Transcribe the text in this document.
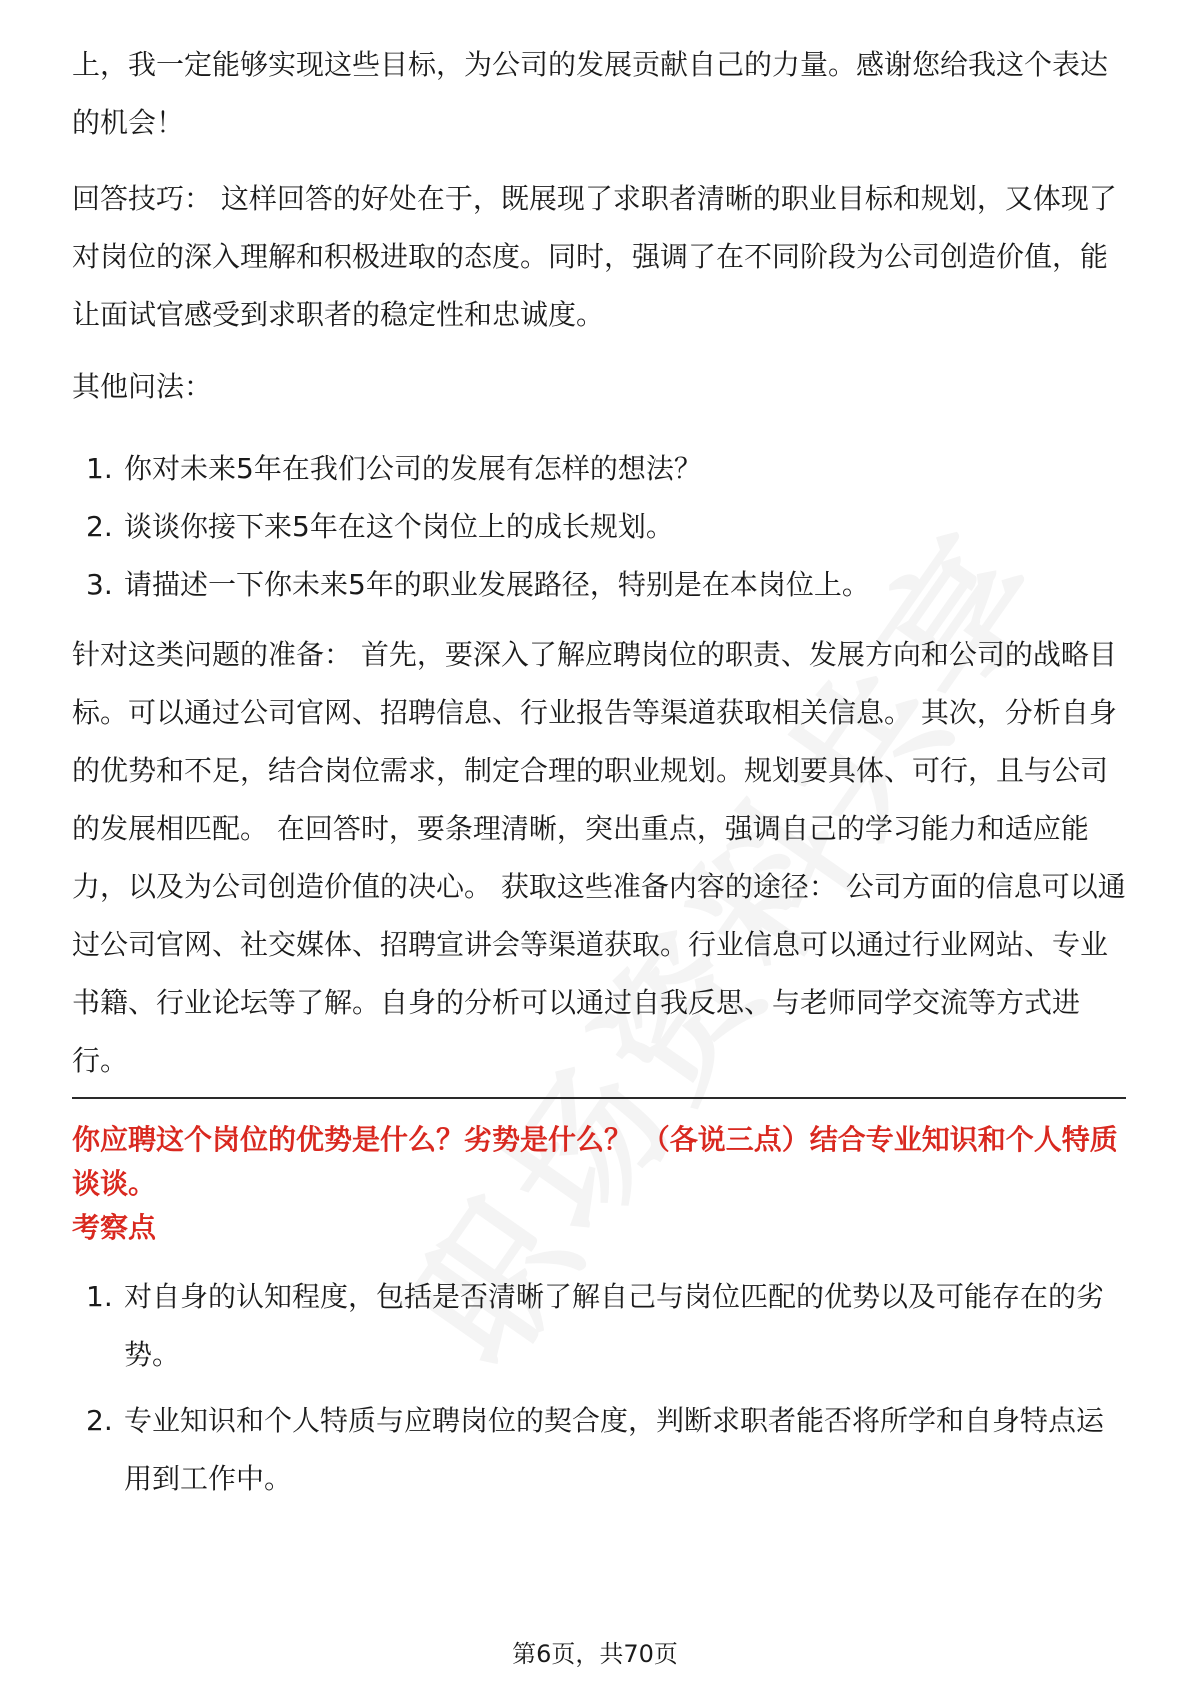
上，我一定能够实现这些目标，为公司的发展贡献自己的力量。感谢您给我这个表达的机会！

回答技巧： 这样回答的好处在于，既展现了求职者清晰的职业目标和规划，又体现了对岗位的深入理解和积极进取的态度。同时，强调了在不同阶段为公司创造价值，能让面试官感受到求职者的稳定性和忠诚度。

其他问法：

1. 你对未来5年在我们公司的发展有怎样的想法？
2. 谈谈你接下来5年在这个岗位上的成长规划。
3. 请描述一下你未来5年的职业发展路径，特别是在本岗位上。

针对这类问题的准备： 首先，要深入了解应聘岗位的职责、发展方向和公司的战略目标。可以通过公司官网、招聘信息、行业报告等渠道获取相关信息。 其次，分析自身的优势和不足，结合岗位需求，制定合理的职业规划。规划要具体、可行，且与公司的发展相匹配。 在回答时，要条理清晰，突出重点，强调自己的学习能力和适应能力，以及为公司创造价值的决心。 获取这些准备内容的途径： 公司方面的信息可以通过公司官网、社交媒体、招聘宣讲会等渠道获取。行业信息可以通过行业网站、专业书籍、行业论坛等了解。自身的分析可以通过自我反思、与老师同学交流等方式进行。

你应聘这个岗位的优势是什么？劣势是什么？ （各说三点）结合专业知识和个人特质谈谈。

考察点
1. 对自身的认知程度，包括是否清晰了解自己与岗位匹配的优势以及可能存在的劣势。
2. 专业知识和个人特质与应聘岗位的契合度，判断求职者能否将所学和自身特点运用到工作中。
第6页，共70页
